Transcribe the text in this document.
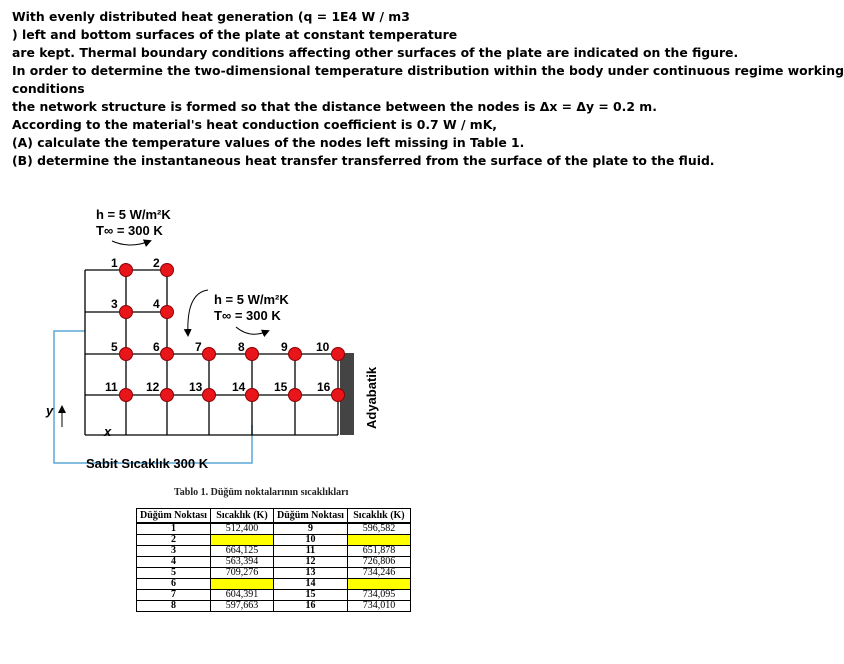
With evenly distributed heat generation (q = 1E4 W / m3
) left and bottom surfaces of the plate at constant temperature
are kept. Thermal boundary conditions affecting other surfaces of the plate are indicated on the figure.
In order to determine the two-dimensional temperature distribution within the body under continuous regime working
conditions
the network structure is formed so that the distance between the nodes is Δx = Δy = 0.2 m.
According to the material's heat conduction coefficient is 0.7 W / mK,
(A) calculate the temperature values of the nodes left missing in Table 1.
(B) determine the instantaneous heat transfer transferred from the surface of the plate to the fluid.
h = 5 W/m²K
T∞ = 300 K
h = 5 W/m²K
T∞ = 300 K
1	2
3	4
5	6	7	8	9 10
11 12 13 14 15 16	Adyabatik
y
x
Sabit Sıcaklık 300 K
Tablo 1. Düğüm noktalarının sıcaklıkları
Düğüm Noktası	Sıcaklık (K)	Düğüm Noktası	Sıcaklık (K)
1	512,400	9	596,582
2		10	
3	664,125	11	651,878
4	563,394	12	726,806
5	709,276	13	734,246
6		14	
7	604,391	15	734,095
8	597,663	16	734,010
